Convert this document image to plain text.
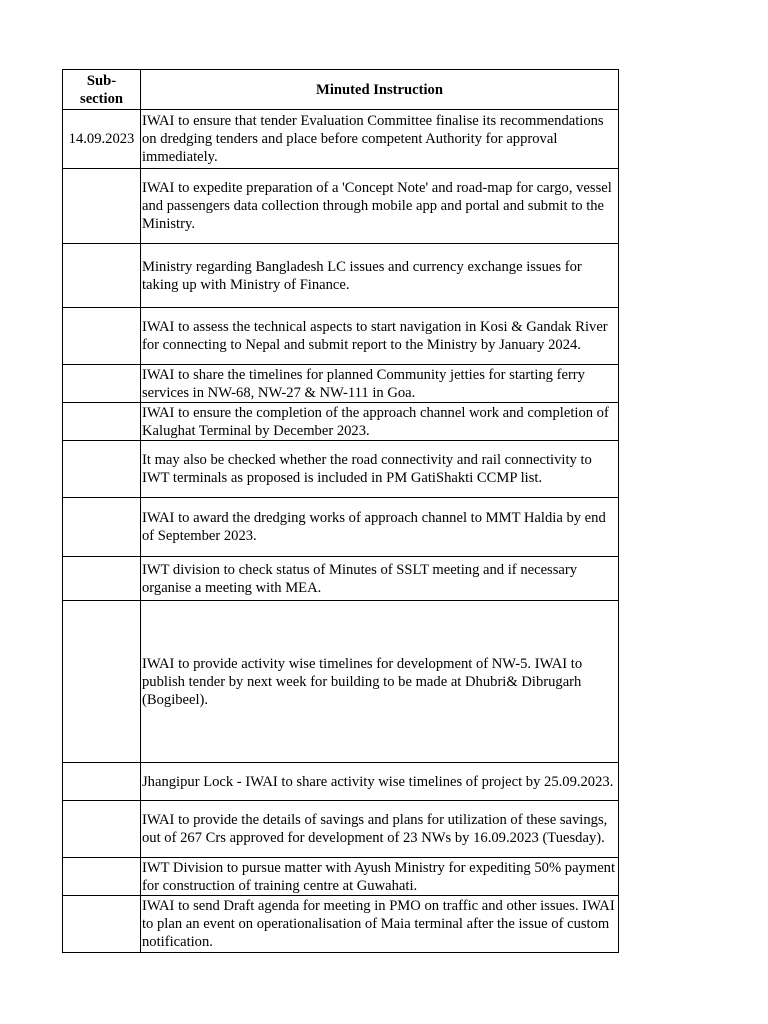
Sub-
section	Minuted Instruction
14.09.2023	IWAI to ensure that tender Evaluation Committee finalise its recommendations on dredging tenders and place before competent Authority for approval immediately.
	IWAI to expedite preparation of a 'Concept Note' and road-map for cargo, vessel and passengers data collection through mobile app and portal and submit to the Ministry.
	Ministry regarding Bangladesh LC issues and currency exchange issues for taking up with Ministry of Finance.
	IWAI to assess the technical aspects to start navigation in Kosi & Gandak River for connecting to Nepal and submit report to the Ministry by January 2024.
	IWAI to share the timelines for planned Community jetties for starting ferry services in NW-68, NW-27 & NW-111 in Goa.
	IWAI to ensure the completion of the approach channel work and completion of Kalughat Terminal by December 2023.
	It may also be checked whether the road connectivity and rail connectivity to IWT terminals as proposed is included in PM GatiShakti CCMP list.
	IWAI to award the dredging works of approach channel to MMT Haldia by end of September 2023.
	IWT division to check status of Minutes of SSLT meeting and if necessary organise a meeting with MEA.
	IWAI to provide activity wise timelines for development of NW-5. IWAI to publish tender by next week for building to be made at Dhubri& Dibrugarh (Bogibeel).
	Jhangipur Lock - IWAI to share activity wise timelines of project by 25.09.2023.
	IWAI to provide the details of savings and plans for utilization of these savings, out of 267 Crs approved for development of 23 NWs by 16.09.2023 (Tuesday).
	IWT Division to pursue matter with Ayush Ministry for expediting 50% payment for construction of training centre at Guwahati.
	IWAI to send Draft agenda for meeting in PMO on traffic and other issues. IWAI to plan an event on operationalisation of Maia terminal after the issue of custom notification.
